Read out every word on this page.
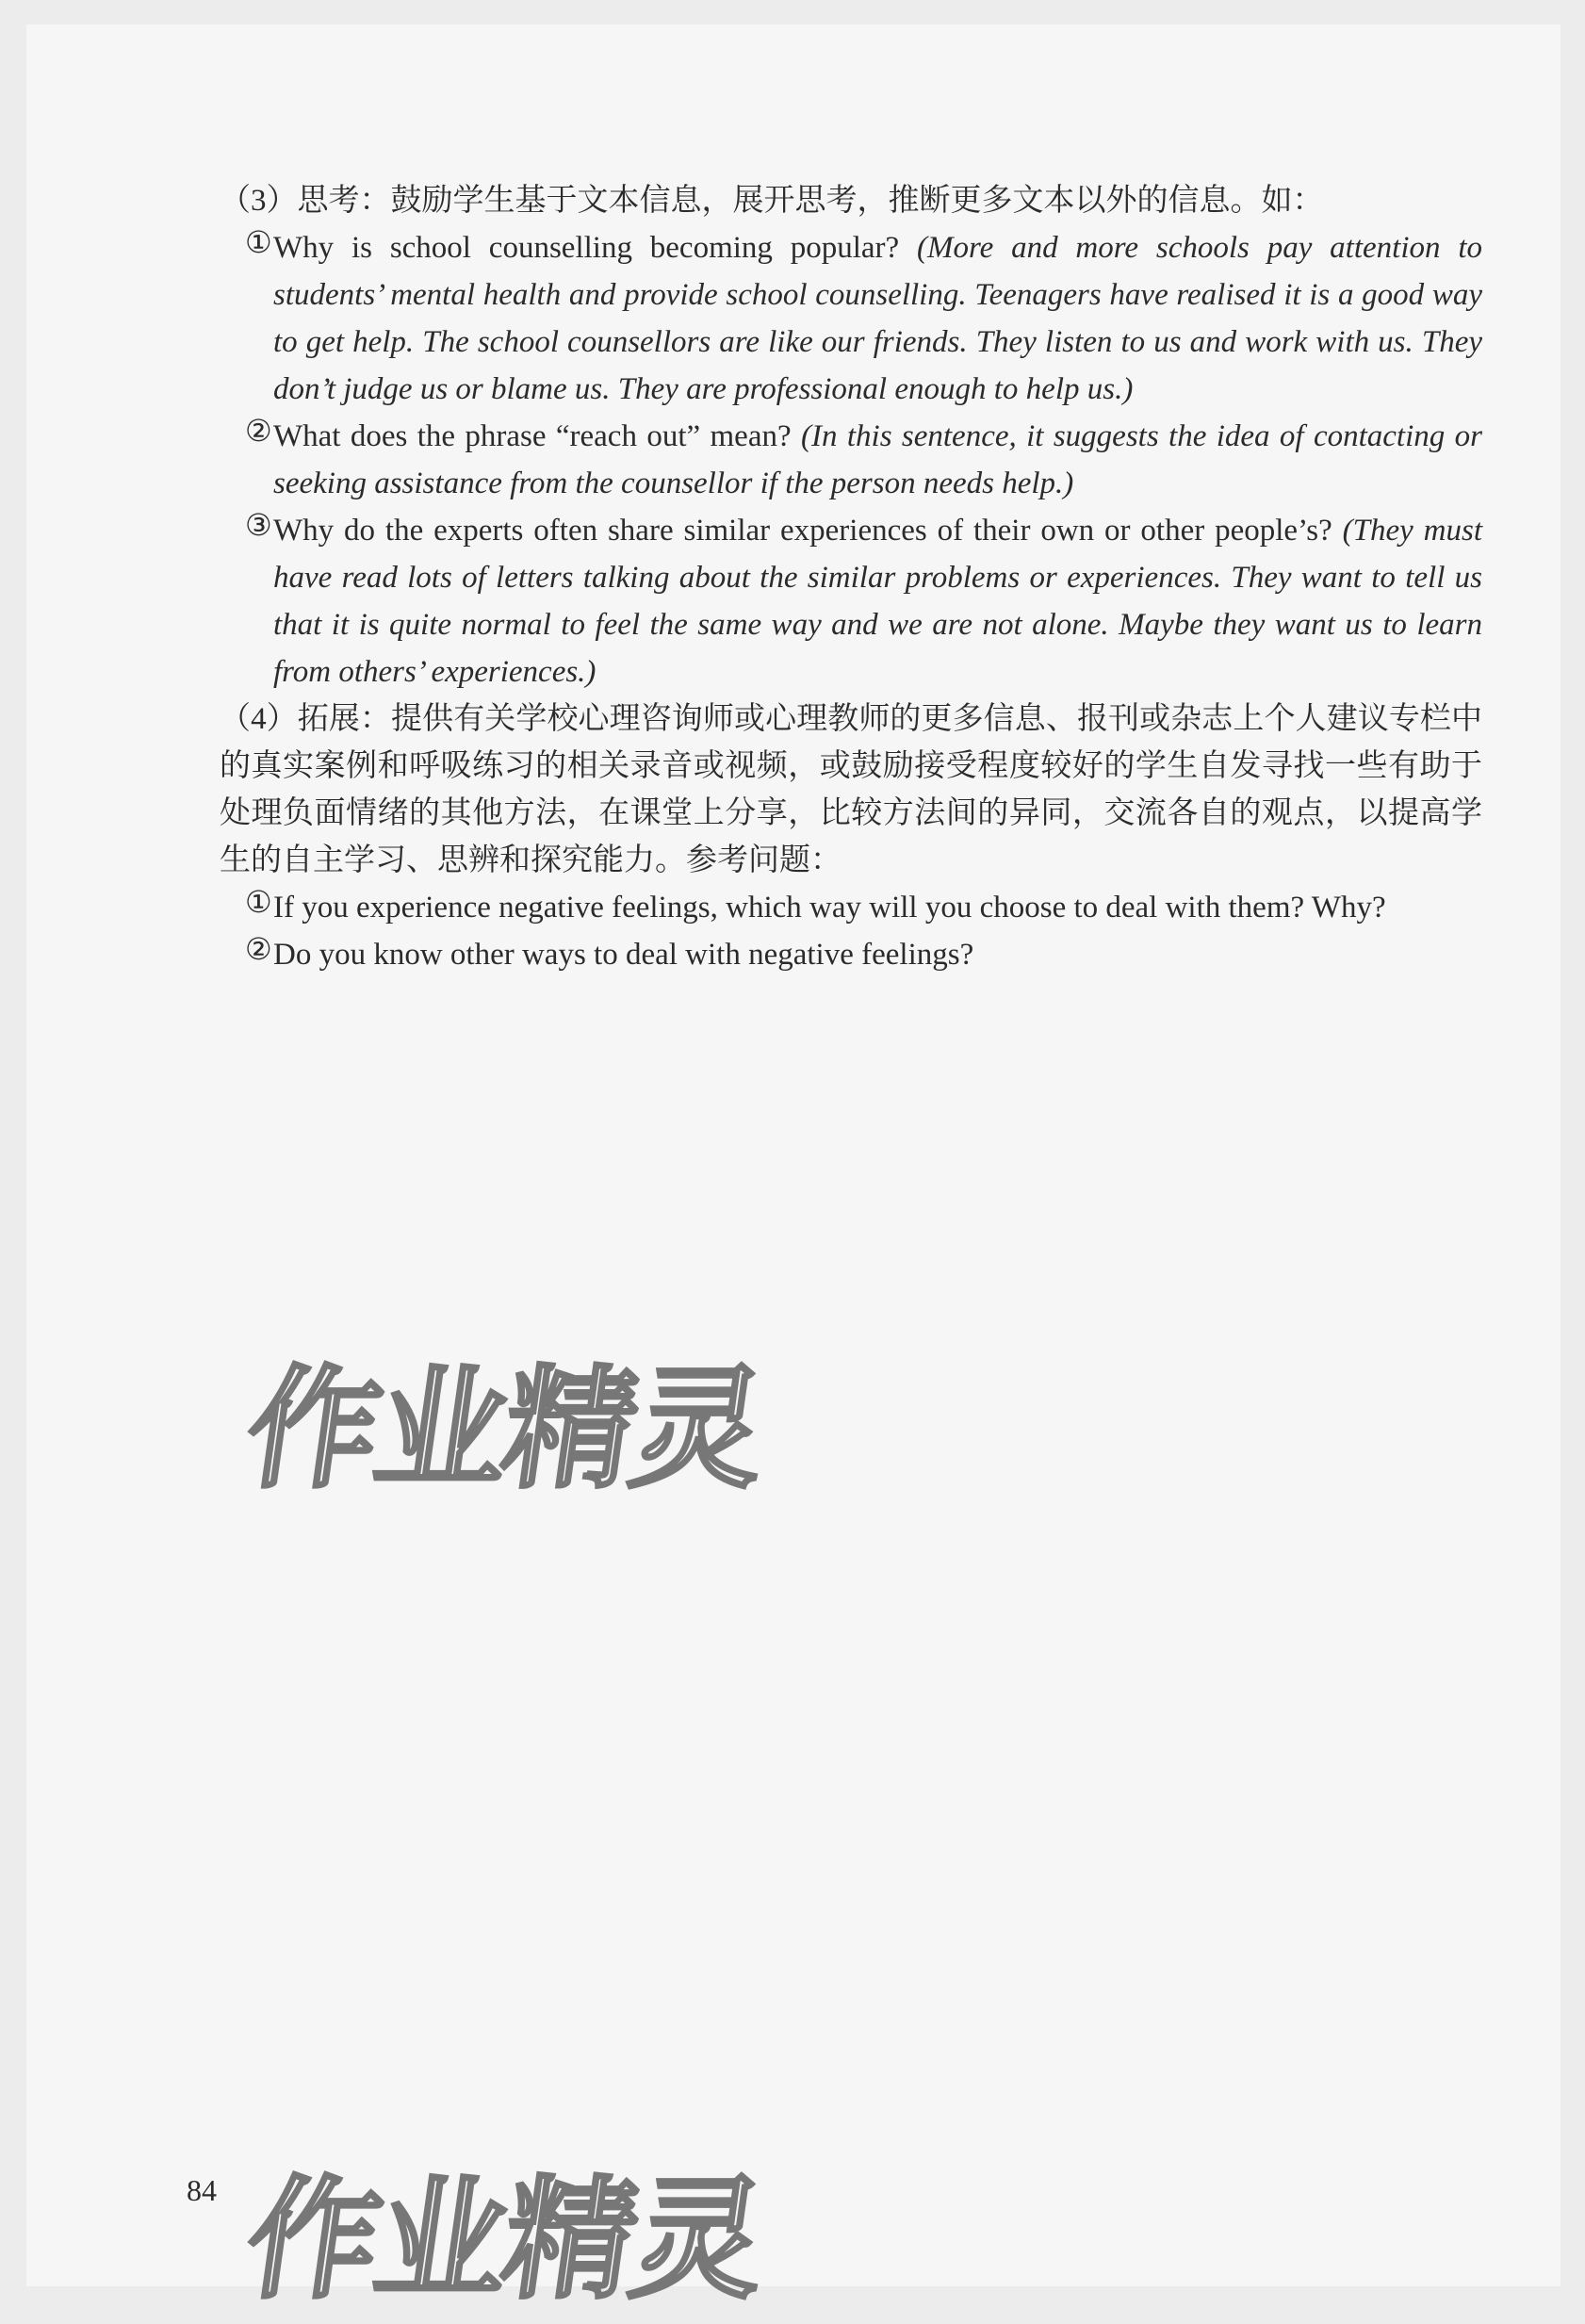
（3）思考：鼓励学生基于文本信息，展开思考，推断更多文本以外的信息。如：
① Why is school counselling becoming popular? (More and more schools pay attention to students’ mental health and provide school counselling. Teenagers have realised it is a good way to get help. The school counsellors are like our friends. They listen to us and work with us. They don’t judge us or blame us. They are professional enough to help us.)
② What does the phrase “reach out” mean? (In this sentence, it suggests the idea of contacting or seeking assistance from the counsellor if the person needs help.)
③ Why do the experts often share similar experiences of their own or other people’s? (They must have read lots of letters talking about the similar problems or experiences. They want to tell us that it is quite normal to feel the same way and we are not alone. Maybe they want us to learn from others’ experiences.)
（4）拓展：提供有关学校心理咨询师或心理教师的更多信息、报刊或杂志上个人建议专栏中的真实案例和呼吸练习的相关录音或视频，或鼓励接受程度较好的学生自发寻找一些有助于处理负面情绪的其他方法，在课堂上分享，比较方法间的异同，交流各自的观点，以提高学生的自主学习、思辨和探究能力。参考问题：
① If you experience negative feelings, which way will you choose to deal with them? Why?
② Do you know other ways to deal with negative feelings?
84
作业精灵
作业精灵
